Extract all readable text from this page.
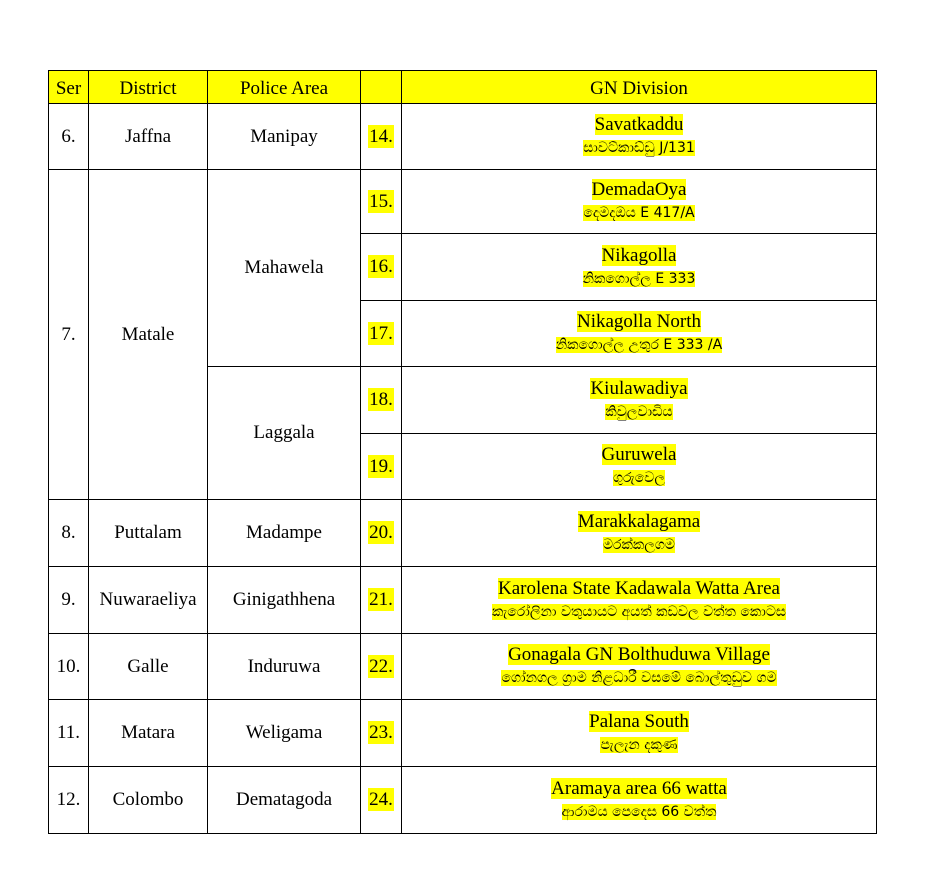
Ser	District	Police Area		GN Division
6.	Jaffna	Manipay	14.	Savatkaddu
සාවට්කාඩ්ඩු J/131
7.	Matale	Mahawela	15.	DemadaOya
දෙමදඔය E 417/A
			16.	Nikagolla
නිකගොල්ල E 333
			17.	Nikagolla North
නිකගොල්ල උතුර E 333 /A
		Laggala	18.	Kiulawadiya
කිවුලවාඩිය
			19.	Guruwela
ගුරුවෙල
8.	Puttalam	Madampe	20.	Marakkalagama
මරක්කලගම
9.	Nuwaraeliya	Ginigathhena	21.	Karolena State Kadawala Watta Area
කැරෝලිනා වතුයායට අයත් කඩවල වත්ත කොටස
10.	Galle	Induruwa	22.	Gonagala GN Bolthuduwa Village
ගෝනගල ග්‍රාම නිළධාරී වසමේ බොල්තුඩුව ගම
11.	Matara	Weligama	23.	Palana South
පැලැන දකුණ
12.	Colombo	Dematagoda	24.	Aramaya area 66 watta
ආරාමය පෙදෙස 66 වත්ත
